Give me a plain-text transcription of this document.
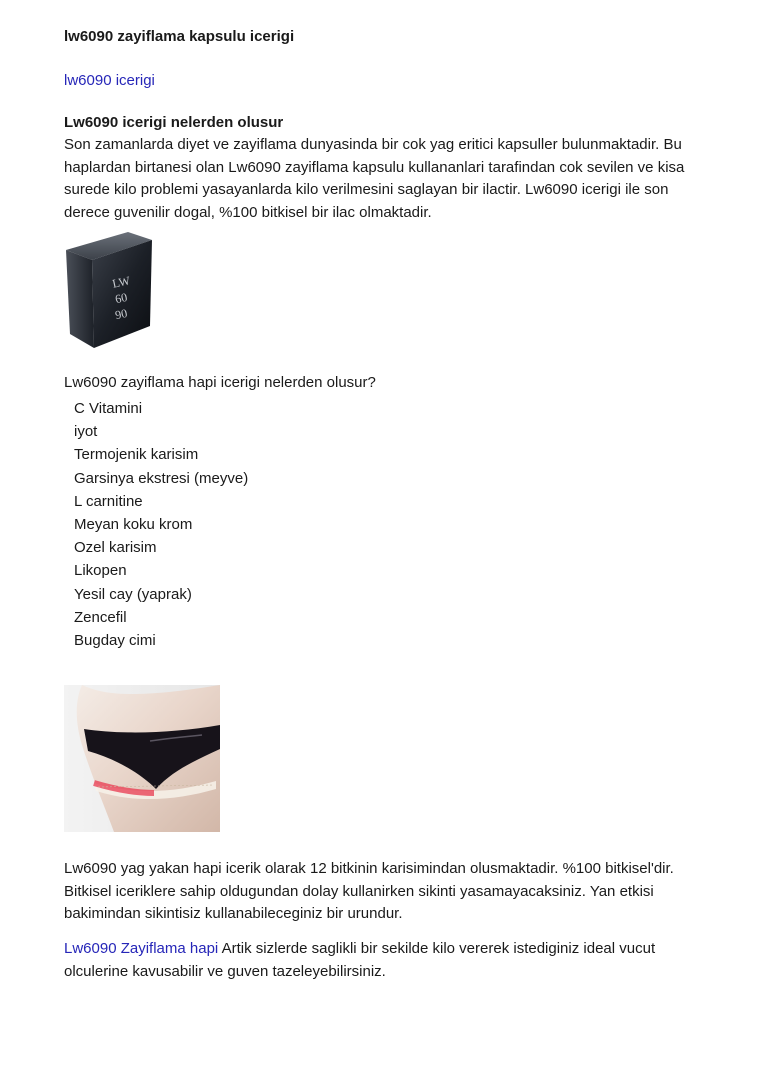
lw6090 zayiflama kapsulu icerigi
lw6090 icerigi
Lw6090 icerigi nelerden olusur

Son zamanlarda diyet ve zayiflama dunyasinda bir cok yag eritici kapsuller bulunmaktadir. Bu haplardan birtanesi olan Lw6090 zayiflama kapsulu kullananlari tarafindan cok sevilen ve kisa surede kilo problemi yasayanlarda kilo verilmesini saglayan bir ilactir. Lw6090 icerigi ile son derece guvenilir dogal, %100 bitkisel bir ilac olmaktadir.

LW
60
90
Lw6090 zayiflama hapi icerigi nelerden olusur?
C Vitamini
iyot
Termojenik karisim
Garsinya ekstresi (meyve)
L carnitine
Meyan koku krom
Ozel karisim
Likopen
Yesil cay (yaprak)
Zencefil
Bugday cimi

Lw6090 yag yakan hapi icerik olarak 12 bitkinin karisimindan olusmaktadir. %100 bitkisel'dir. Bitkisel iceriklere sahip oldugundan dolay kullanirken sikinti yasamayacaksiniz. Yan etkisi bakimindan sikintisiz kullanabileceginiz bir urundur.

Lw6090 Zayiflama hapi Artik sizlerde saglikli bir sekilde kilo vererek istediginiz ideal vucut olculerine kavusabilir ve guven tazeleyebilirsiniz.
